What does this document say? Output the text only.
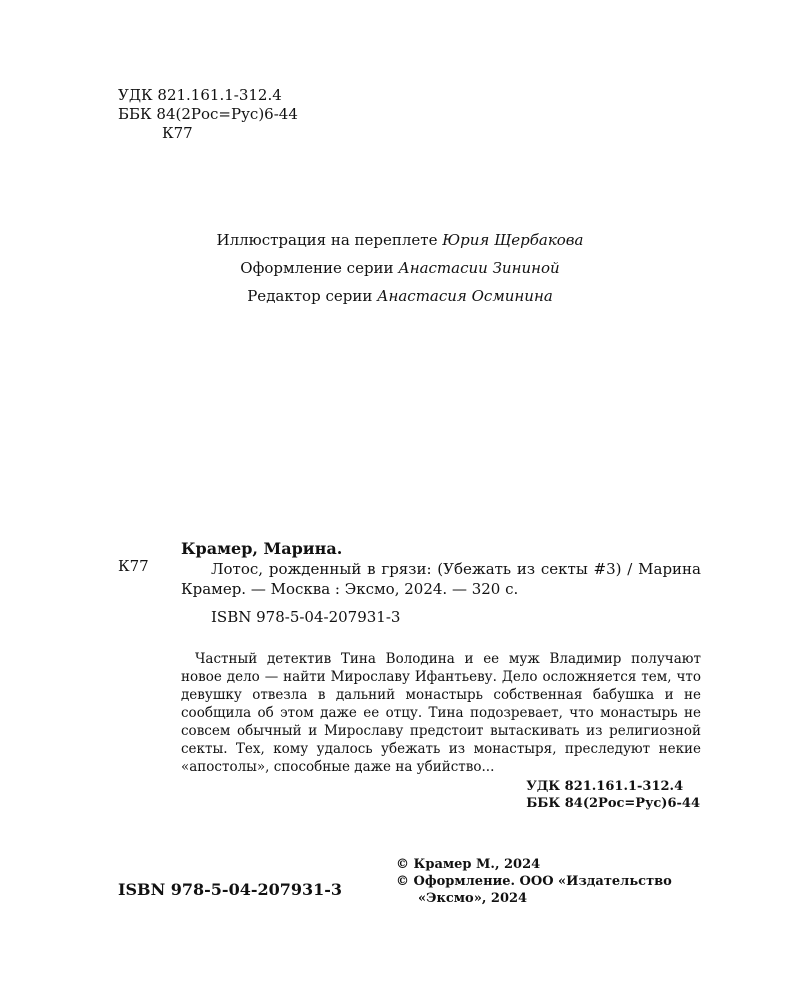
УДК 821.161.1-312.4
ББК 84(2Рос=Рус)6-44
К77
Иллюстрация на переплете Юрия Щербакова
Оформление серии Анастасии Зининой
Редактор серии Анастасия Осминина
К77
Крамер, Марина.
Лотос, рожденный в грязи: (Убежать из секты #3) / Марина Крамер. — Москва : Эксмо, 2024. — 320 с.
ISBN 978-5-04-207931-3
Частный детектив Тина Володина и ее муж Владимир получают новое дело — найти Мирославу Ифантьеву. Дело осложняется тем, что девушку отвезла в дальний монастырь собственная бабушка и не сообщила об этом даже ее отцу. Тина подозревает, что монастырь не совсем обычный и Мирославу предстоит вытаскивать из религиозной секты. Тех, кому удалось убежать из монастыря, преследуют некие «апостолы», способные даже на убийство...
УДК 821.161.1-312.4
ББК 84(2Рос=Рус)6-44
© Крамер М., 2024
© Оформление. ООО «Издательство
«Эксмо», 2024
ISBN 978-5-04-207931-3
